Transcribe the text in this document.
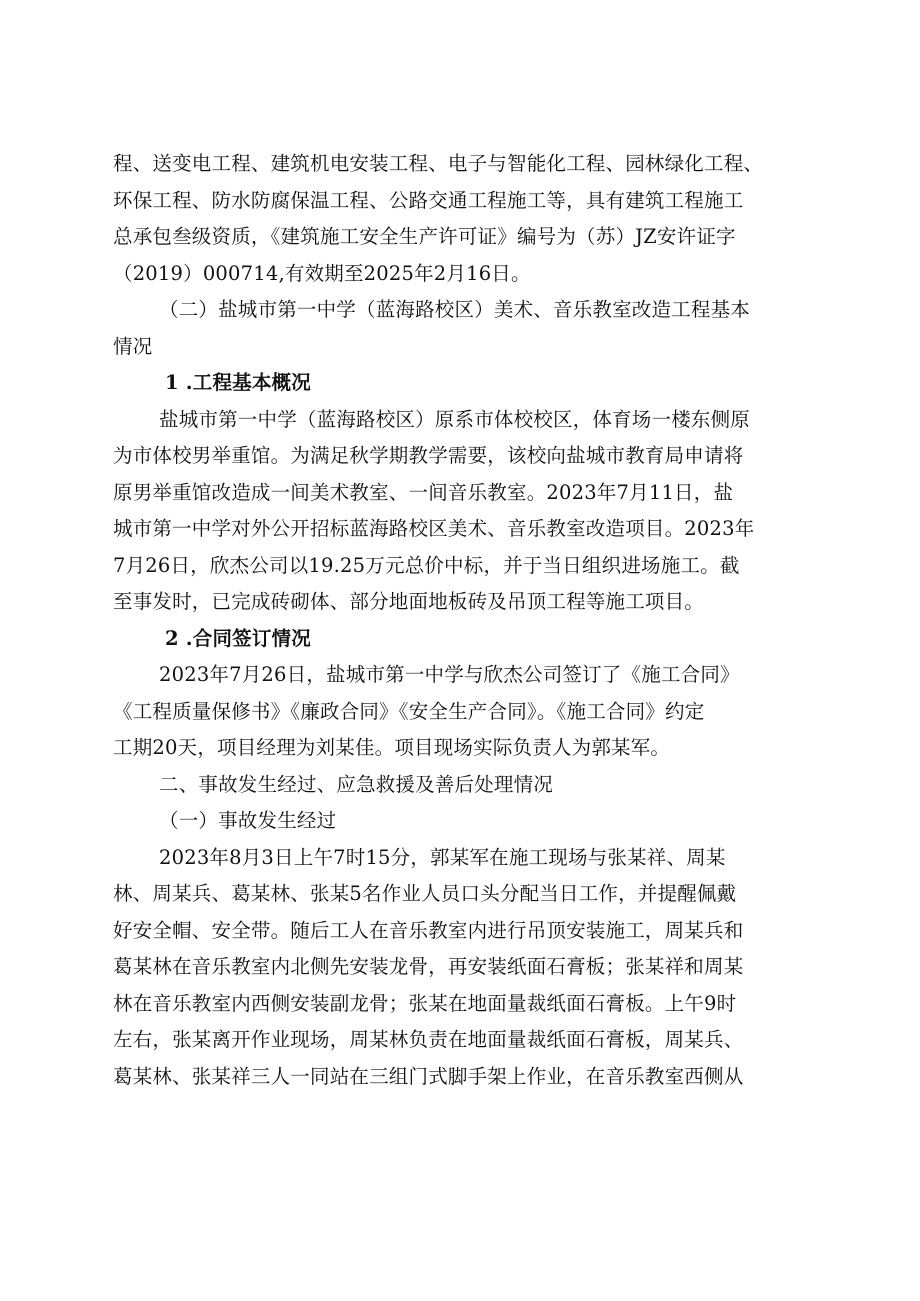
程、送变电工程、建筑机电安装工程、电子与智能化工程、园林绿化工程、
环保工程、防水防腐保温工程、公路交通工程施工等，具有建筑工程施工
总承包叁级资质，《建筑施工安全生产许可证》编号为（苏）JZ安许证字
（2019）000714,有效期至2025年2月16日。

（二）盐城市第一中学（蓝海路校区）美术、音乐教室改造工程基本
情况

1 .工程基本概况

盐城市第一中学（蓝海路校区）原系市体校校区，体育场一楼东侧原
为市体校男举重馆。为满足秋学期教学需要，该校向盐城市教育局申请将
原男举重馆改造成一间美术教室、一间音乐教室。2023年7月11日，盐
城市第一中学对外公开招标蓝海路校区美术、音乐教室改造项目。2023年
7月26日，欣杰公司以19.25万元总价中标，并于当日组织进场施工。截
至事发时，已完成砖砌体、部分地面地板砖及吊顶工程等施工项目。

2 .合同签订情况

2023年7月26日，盐城市第一中学与欣杰公司签订了《施工合同》
《工程质量保修书》《廉政合同》《安全生产合同》。《施工合同》约定
工期20天，项目经理为刘某佳。项目现场实际负责人为郭某军。

二、事故发生经过、应急救援及善后处理情况

（一）事故发生经过

2023年8月3日上午7时15分，郭某军在施工现场与张某祥、周某
林、周某兵、葛某林、张某5名作业人员口头分配当日工作，并提醒佩戴
好安全帽、安全带。随后工人在音乐教室内进行吊顶安装施工，周某兵和
葛某林在音乐教室内北侧先安装龙骨，再安装纸面石膏板；张某祥和周某
林在音乐教室内西侧安装副龙骨；张某在地面量裁纸面石膏板。上午9时
左右，张某离开作业现场，周某林负责在地面量裁纸面石膏板，周某兵、
葛某林、张某祥三人一同站在三组门式脚手架上作业，在音乐教室西侧从
